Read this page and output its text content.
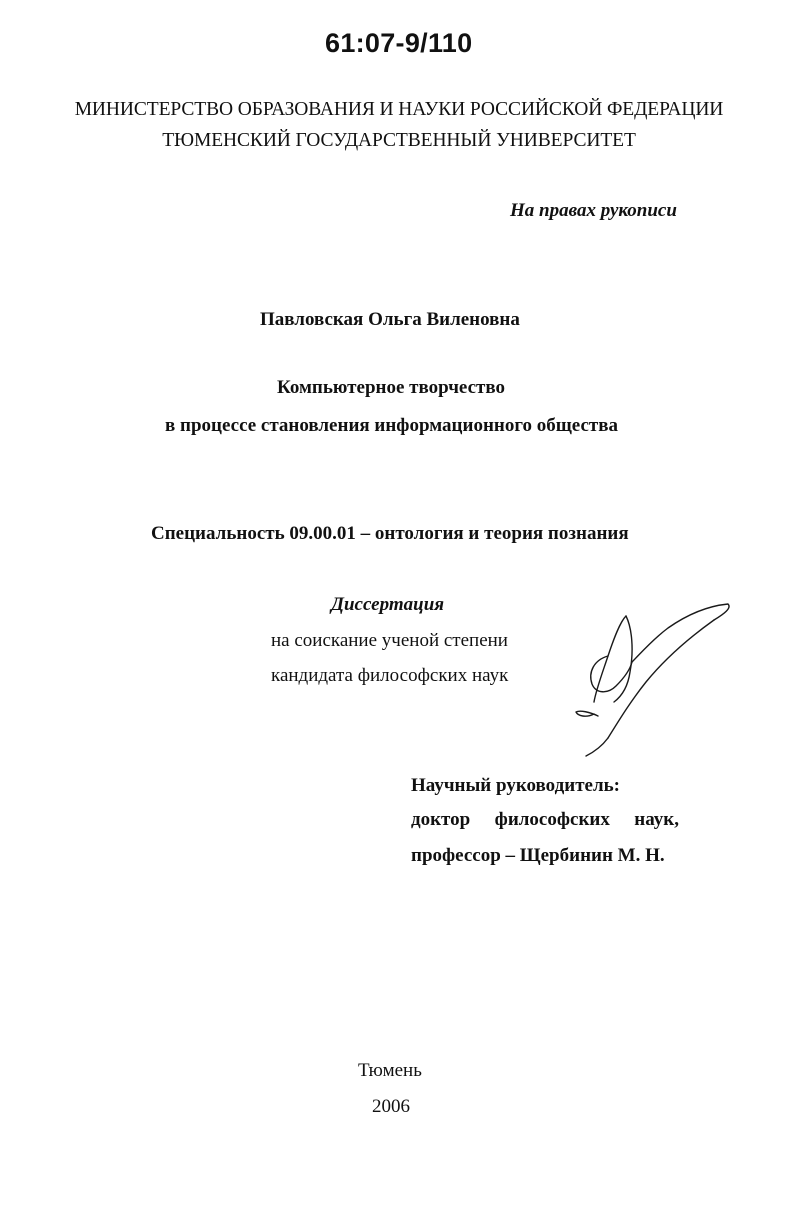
61:07-9/110
МИНИСТЕРСТВО ОБРАЗОВАНИЯ И НАУКИ РОССИЙСКОЙ ФЕДЕРАЦИИ
ТЮМЕНСКИЙ ГОСУДАРСТВЕННЫЙ УНИВЕРСИТЕТ
На правах рукописи
Павловская Ольга Виленовна
Компьютерное творчество
в процессе становления информационного общества
Специальность 09.00.01 – онтология и теория познания
Диссертация
на соискание ученой степени
кандидата философских наук
Научный руководитель:
доктор философских наук,
профессор – Щербинин М. Н.
Тюмень
2006
